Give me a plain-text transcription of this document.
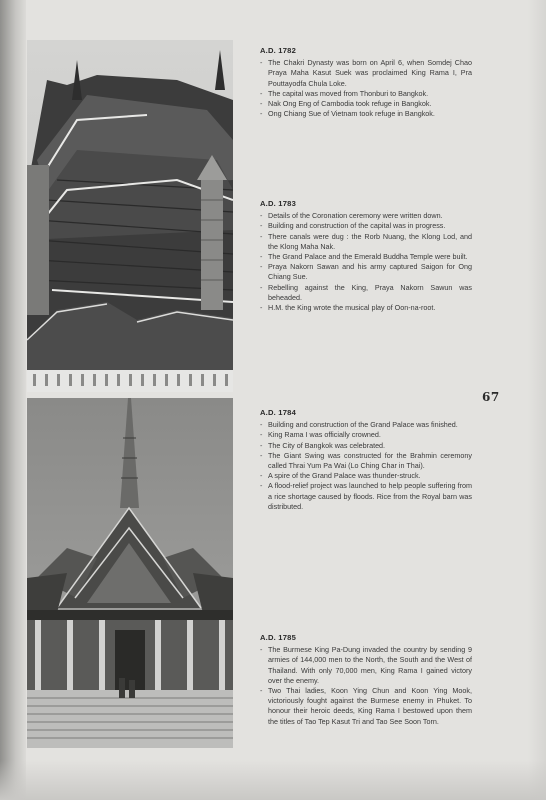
A.D. 1782
- The Chakri Dynasty was born on April 6, when Somdej Chao Praya Maha Kasut Suek was proclaimed King Rama I, Pra Pouttayodfa Chula Loke.
- The capital was moved from Thonburi to Bangkok.
- Nak Ong Eng of Cambodia took refuge in Bangkok.
- Ong Chiang Sue of Vietnam took refuge in Bangkok.
A.D. 1783
- Details of the Coronation ceremony were written down.
- Building and construction of the capital was in progress.
- There canals were dug : the Rorb Nuang, the Klong Lod, and the Klong Maha Nak.
- The Grand Palace and the Emerald Buddha Temple were built.
- Praya Nakorn Sawan and his army captured Saigon for Ong Chiang Sue.
- Rebelling against the King, Praya Nakorn Sawun was beheaded.
- H.M. the King wrote the musical play of Oon-na-root.
A.D. 1784
- Building and construction of the Grand Palace was finished.
- King Rama I was officially crowned.
- The City of Bangkok was celebrated.
- The Giant Swing was constructed for the Brahmin ceremony called Thrai Yum Pa Wai (Lo Ching Char in Thai).
- A spire of the Grand Palace was thunder-struck.
- A flood-relief project was launched to help people suffering from a rice shortage caused by floods. Rice from the Royal barn was distributed.
A.D. 1785
- The Burmese King Pa-Dung invaded the country by sending 9 armies of 144,000 men to the North, the South and the West of Thailand. With only 70,000 men, King Rama I gained victory over the enemy.
- Two Thai ladies, Koon Ying Chun and Koon Ying Mook, victoriously fought against the Burmese enemy in Phuket. To honour their heroic deeds, King Rama I bestowed upon them the titles of Tao Tep Kasut Tri and Tao See Soon Torn.
67
